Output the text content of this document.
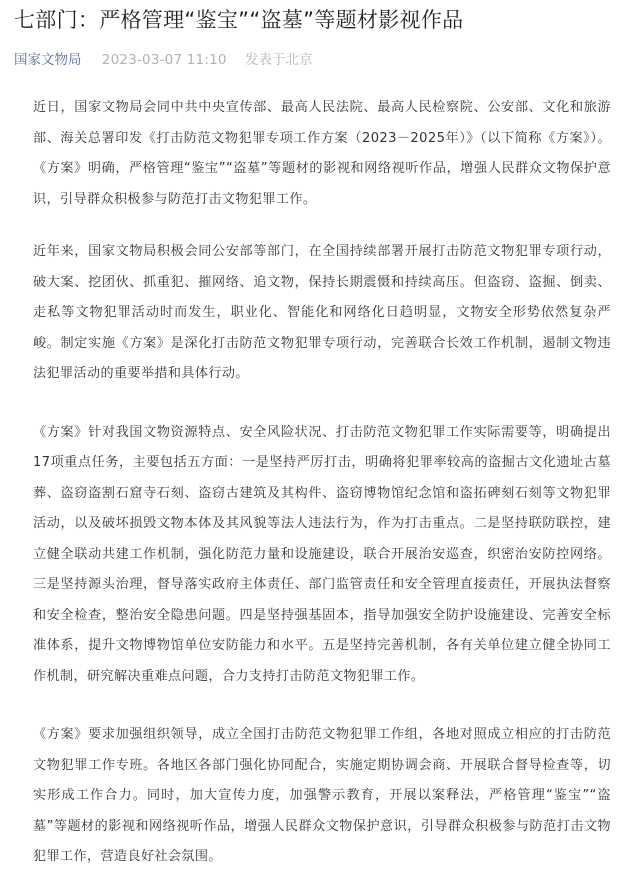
七部门：严格管理“鉴宝”“盗墓”等题材影视作品
国家文物局 2023-03-07 11:10 发表于北京

近日，国家文物局会同中共中央宣传部、最高人民法院、最高人民检察院、公安部、文化和旅游部、海关总署印发《打击防范文物犯罪专项工作方案（2023－2025年）》（以下简称《方案》）。《方案》明确，严格管理“鉴宝”“盗墓”等题材的影视和网络视听作品，增强人民群众文物保护意识，引导群众积极参与防范打击文物犯罪工作。

近年来，国家文物局积极会同公安部等部门，在全国持续部署开展打击防范文物犯罪专项行动，破大案、挖团伙、抓重犯、摧网络、追文物，保持长期震慑和持续高压。但盗窃、盗掘、倒卖、走私等文物犯罪活动时而发生，职业化、智能化和网络化日趋明显，文物安全形势依然复杂严峻。制定实施《方案》是深化打击防范文物犯罪专项行动，完善联合长效工作机制，遏制文物违法犯罪活动的重要举措和具体行动。

《方案》针对我国文物资源特点、安全风险状况、打击防范文物犯罪工作实际需要等，明确提出17项重点任务，主要包括五方面：一是坚持严厉打击，明确将犯罪率较高的盗掘古文化遗址古墓葬、盗窃盗割石窟寺石刻、盗窃古建筑及其构件、盗窃博物馆纪念馆和盗拓碑刻石刻等文物犯罪活动，以及破坏损毁文物本体及其风貌等法人违法行为，作为打击重点。二是坚持联防联控，建立健全联动共建工作机制，强化防范力量和设施建设，联合开展治安巡查，织密治安防控网络。三是坚持源头治理，督导落实政府主体责任、部门监管责任和安全管理直接责任，开展执法督察和安全检查，整治安全隐患问题。四是坚持强基固本，指导加强安全防护设施建设、完善安全标准体系，提升文物博物馆单位安防能力和水平。五是坚持完善机制，各有关单位建立健全协同工作机制，研究解决重难点问题，合力支持打击防范文物犯罪工作。

《方案》要求加强组织领导，成立全国打击防范文物犯罪工作组，各地对照成立相应的打击防范文物犯罪工作专班。各地区各部门强化协同配合，实施定期协调会商、开展联合督导检查等，切实形成工作合力。同时，加大宣传力度，加强警示教育，开展以案释法，严格管理“鉴宝”“盗墓”等题材的影视和网络视听作品，增强人民群众文物保护意识，引导群众积极参与防范打击文物犯罪工作，营造良好社会氛围。
